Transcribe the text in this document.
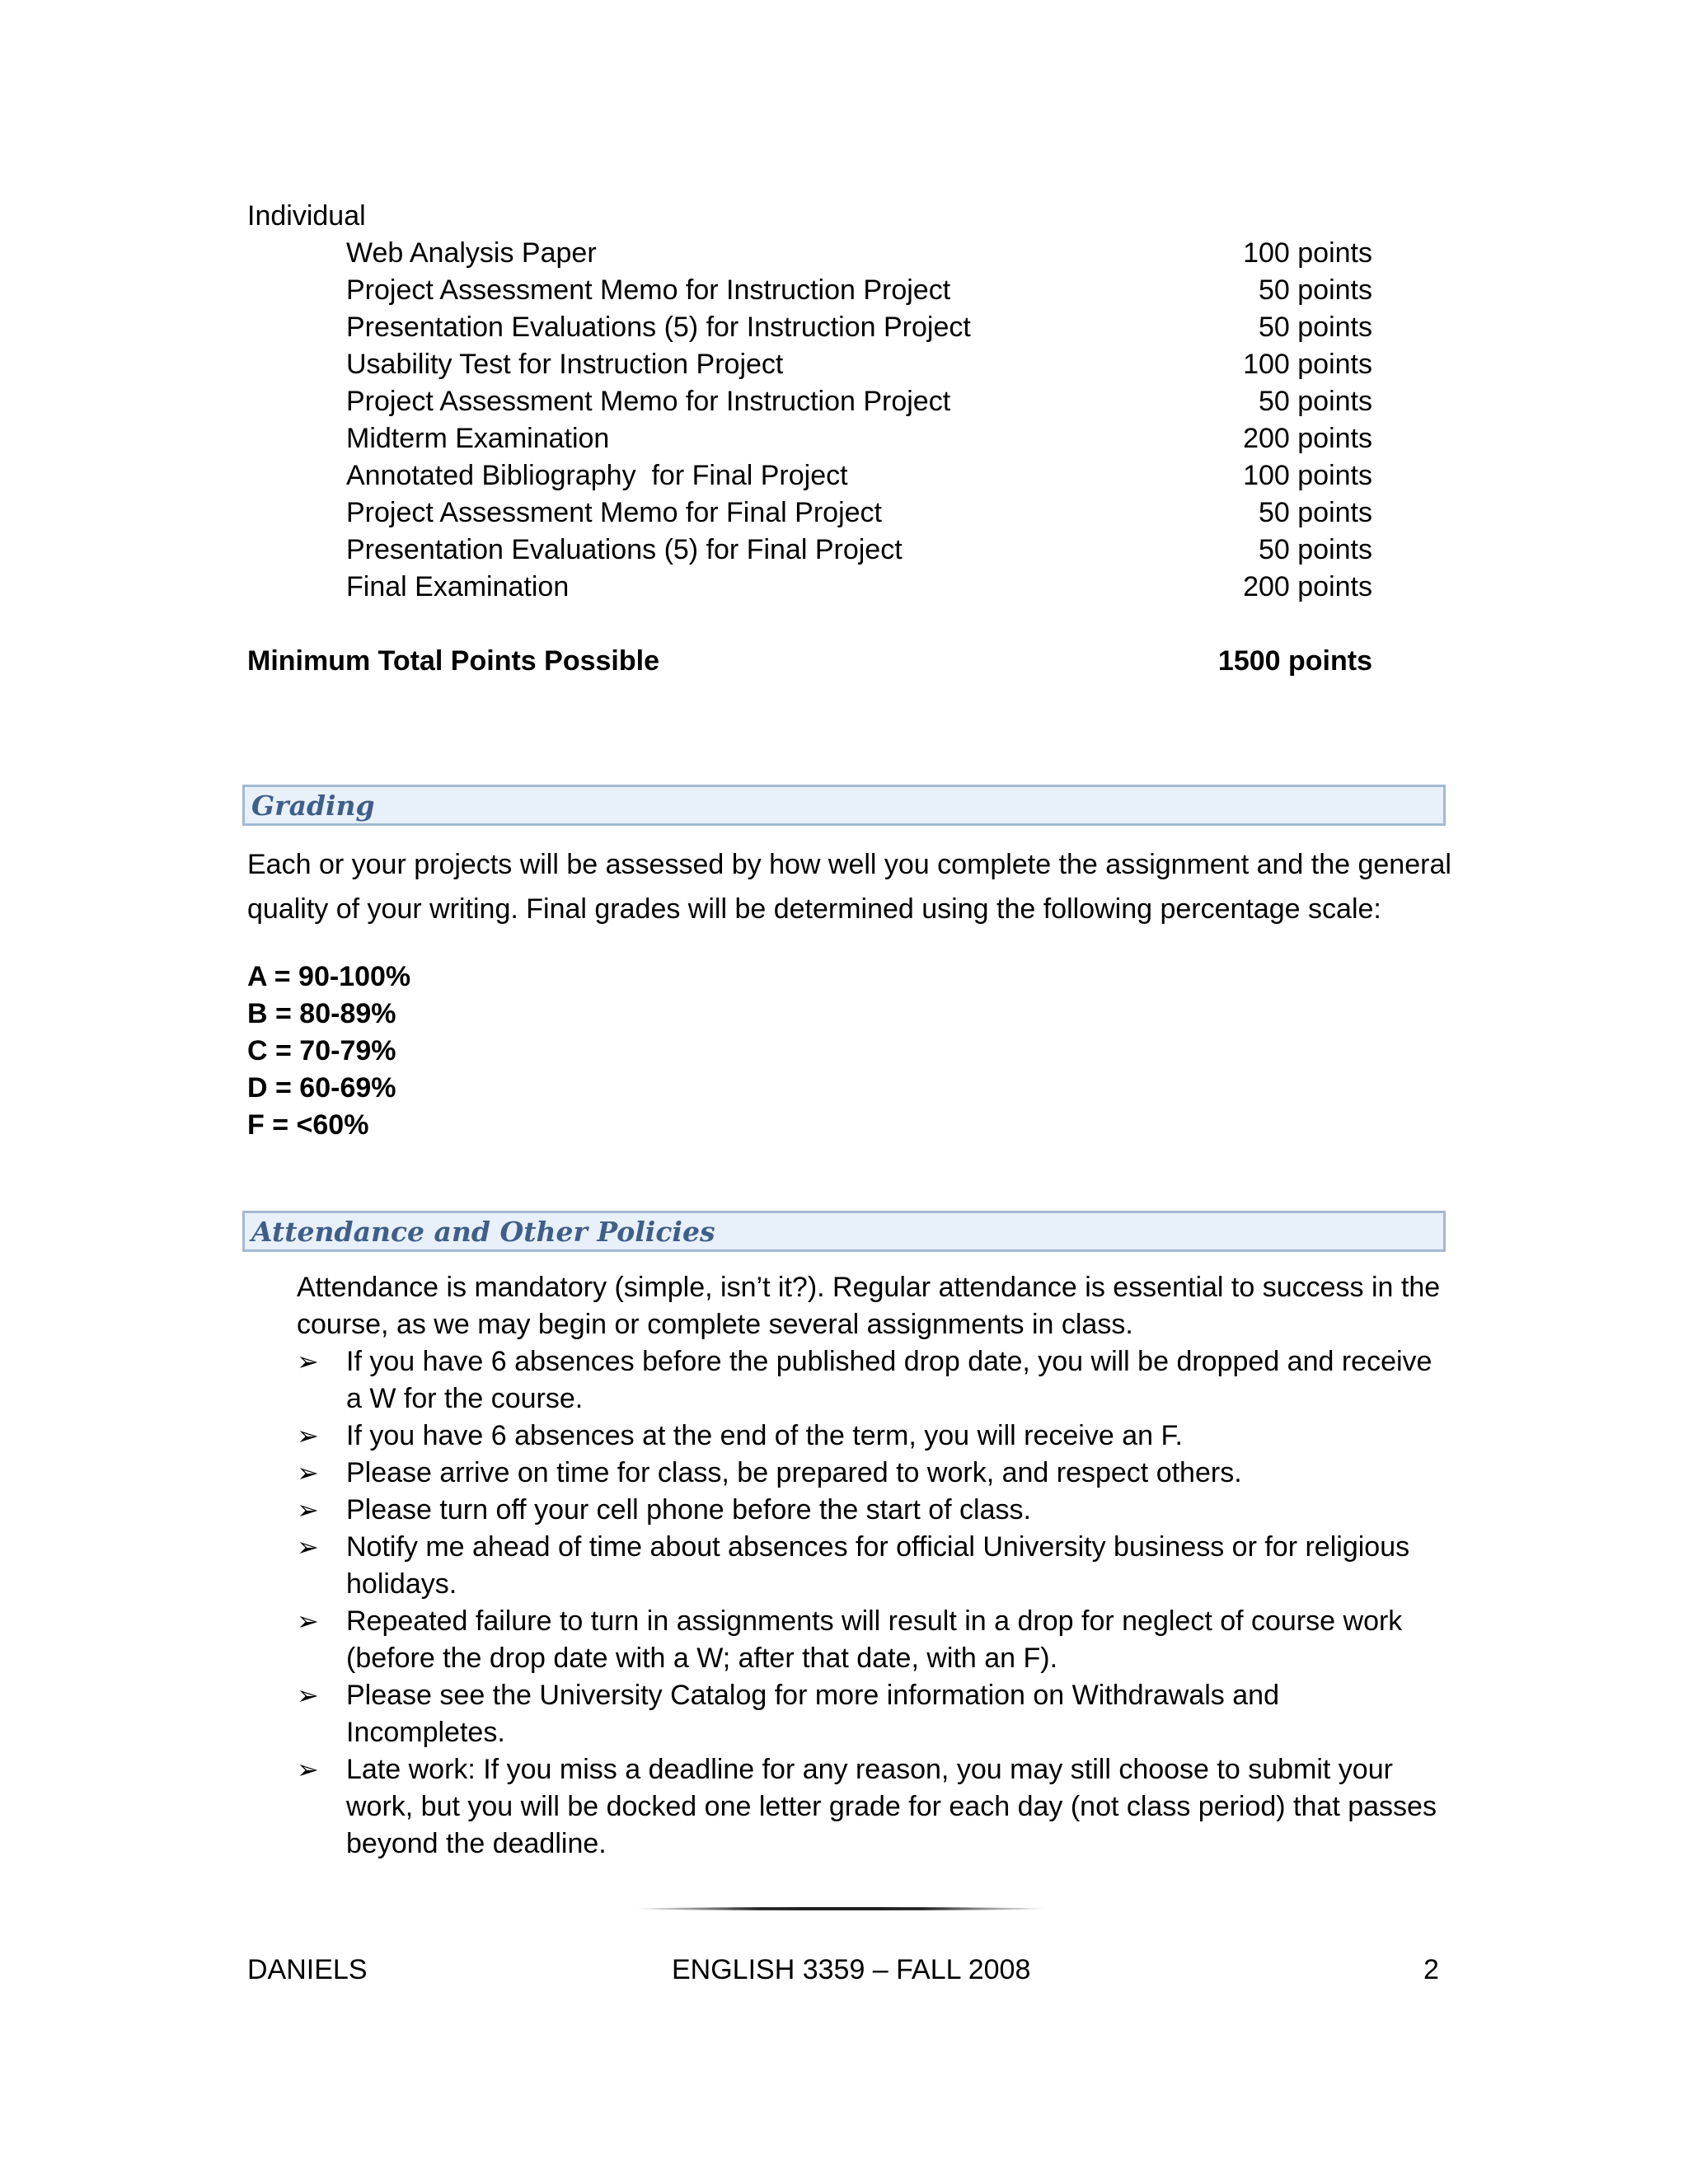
Individual
Web Analysis Paper	100 points
Project Assessment Memo for Instruction Project	50 points
Presentation Evaluations (5) for Instruction Project	50 points
Usability Test for Instruction Project	100 points
Project Assessment Memo for Instruction Project	50 points
Midterm Examination	200 points
Annotated Bibliography  for Final Project	100 points
Project Assessment Memo for Final Project	50 points
Presentation Evaluations (5) for Final Project	50 points
Final Examination	200 points
Minimum Total Points Possible	1500 points
Grading
Each or your projects will be assessed by how well you complete the assignment and the general
quality of your writing. Final grades will be determined using the following percentage scale:
A = 90-100%
B = 80-89%
C = 70-79%
D = 60-69%
F = <60%
Attendance and Other Policies
Attendance is mandatory (simple, isn’t it?). Regular attendance is essential to success in the
course, as we may begin or complete several assignments in class.
➢ If you have 6 absences before the published drop date, you will be dropped and receive
a W for the course.
➢ If you have 6 absences at the end of the term, you will receive an F.
➢ Please arrive on time for class, be prepared to work, and respect others.
➢ Please turn off your cell phone before the start of class.
➢ Notify me ahead of time about absences for official University business or for religious
holidays.
➢ Repeated failure to turn in assignments will result in a drop for neglect of course work
(before the drop date with a W; after that date, with an F).
➢ Please see the University Catalog for more information on Withdrawals and
Incompletes.
➢ Late work: If you miss a deadline for any reason, you may still choose to submit your
work, but you will be docked one letter grade for each day (not class period) that passes
beyond the deadline.
DANIELS	ENGLISH 3359 – FALL 2008	2
